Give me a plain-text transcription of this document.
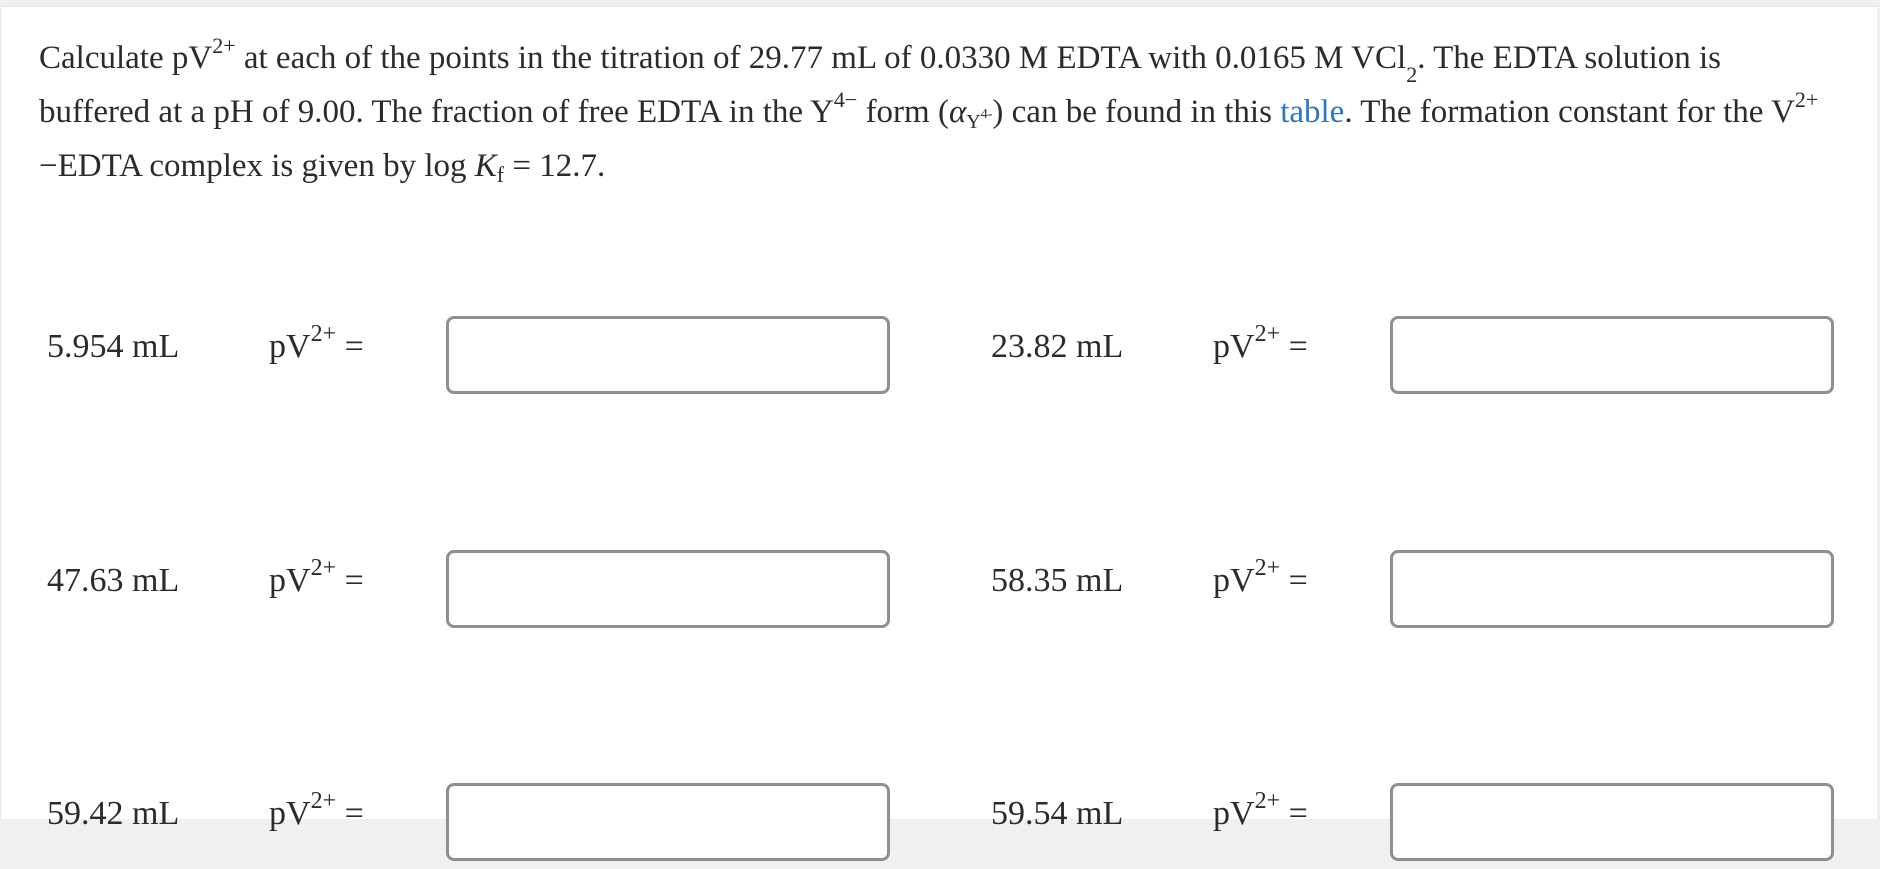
Calculate $pV^{2+}$ at each of the points in the titration of 29.77 mL of 0.0330 M EDTA with 0.0165 M VCl$_2$. The EDTA solution is buffered at a pH of 9.00. The fraction of free EDTA in the $Y^{4-}$ form $(\alpha Y^{4-})$ can be found in this table. The formation constant for the $V^{2+}-EDTA$ complex is given by log Kf = 12.7.
5.954 mL	$pV^{2+}$ =	23.82 mL	$pV^{2+}$ =
47.63 mL	$pV^{2+}$ =	58.35 mL	$pV^{2+}$ =
59.42 mL	$pV^{2+}$ =	59.54 mL	$pV^{2+}$ =
